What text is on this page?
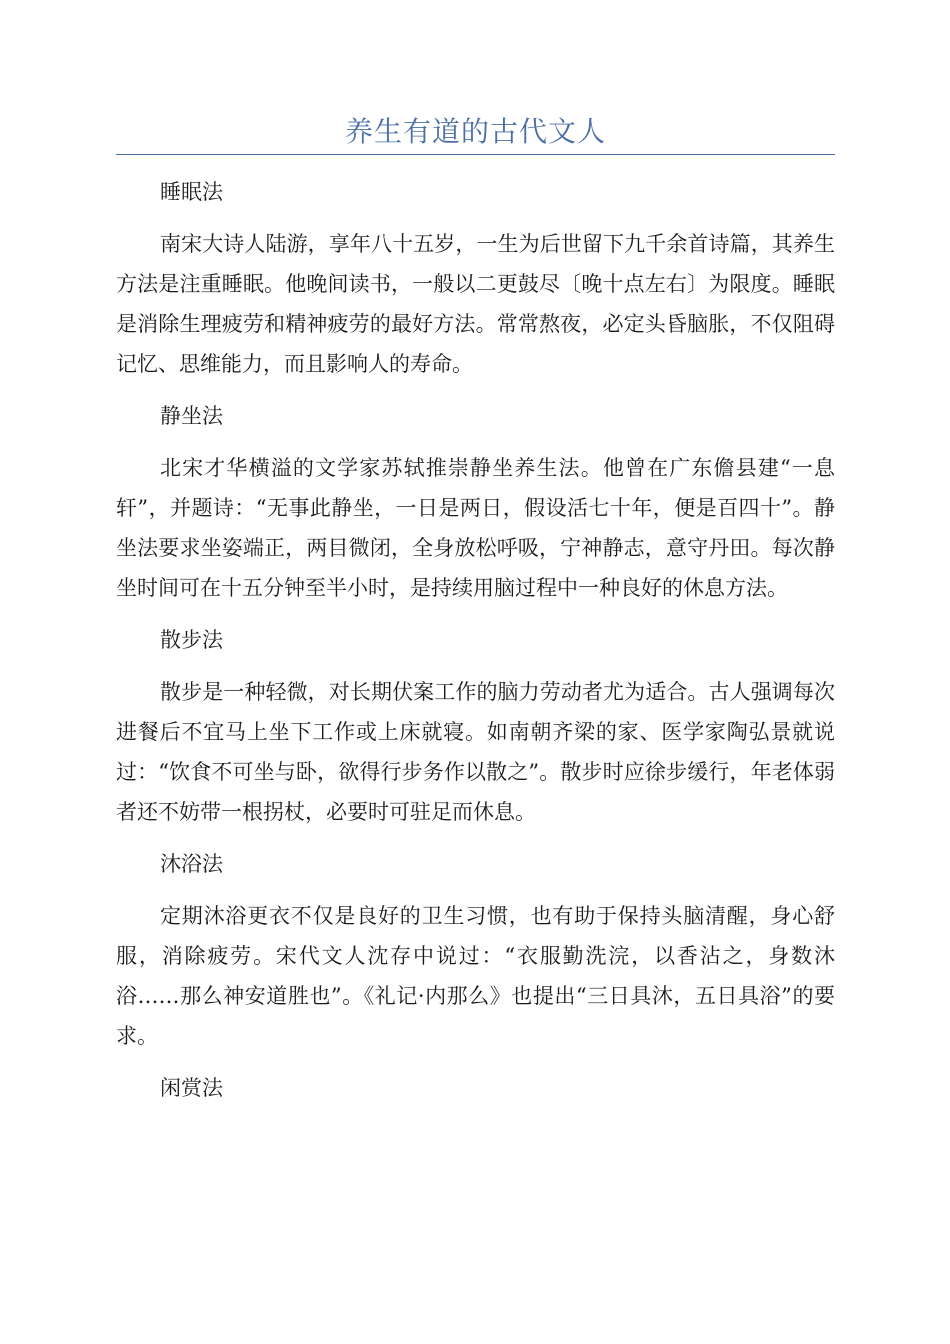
养生有道的古代文人

睡眠法

南宋大诗人陆游，享年八十五岁，一生为后世留下九千余首诗篇，其养生方法是注重睡眠。他晚间读书，一般以二更鼓尽〔晚十点左右〕为限度。睡眠是消除生理疲劳和精神疲劳的最好方法。常常熬夜，必定头昏脑胀，不仅阻碍记忆、思维能力，而且影响人的寿命。

静坐法

北宋才华横溢的文学家苏轼推崇静坐养生法。他曾在广东儋县建“一息轩”，并题诗：“无事此静坐，一日是两日，假设活七十年，便是百四十”。静坐法要求坐姿端正，两目微闭，全身放松呼吸，宁神静志，意守丹田。每次静坐时间可在十五分钟至半小时，是持续用脑过程中一种良好的休息方法。

散步法

散步是一种轻微，对长期伏案工作的脑力劳动者尤为适合。古人强调每次进餐后不宜马上坐下工作或上床就寝。如南朝齐梁的家、医学家陶弘景就说过：“饮食不可坐与卧，欲得行步务作以散之”。散步时应徐步缓行，年老体弱者还不妨带一根拐杖，必要时可驻足而休息。

沐浴法

定期沐浴更衣不仅是良好的卫生习惯，也有助于保持头脑清醒，身心舒服，消除疲劳。宋代文人沈存中说过：“衣服勤洗浣，以香沾之，身数沐浴……那么神安道胜也”。《礼记·内那么》也提出“三日具沐，五日具浴”的要求。

闲赏法
